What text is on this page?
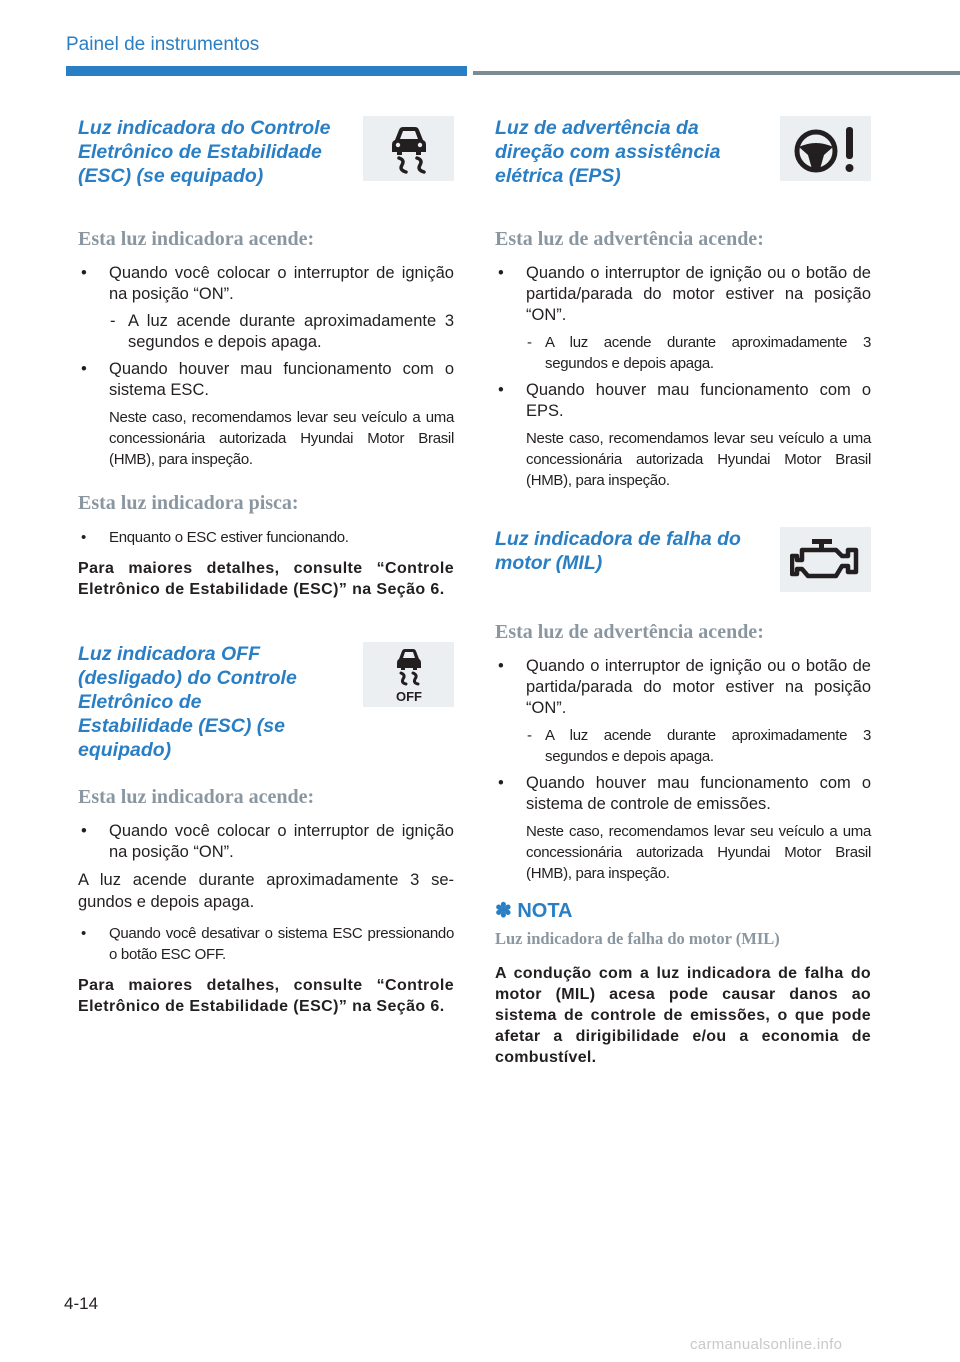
Painel de instrumentos
Luz indicadora do Controle Eletrônico de Estabilidade (ESC) (se equipado)
Esta luz indicadora acende:
• Quando você colocar o interruptor de ignição na posição “ON”.
- A luz acende durante aproximadamente 3 segundos e depois apaga.
• Quando houver mau funcionamento com o sistema ESC.
Neste caso, recomendamos levar seu veículo a uma concessionária autorizada Hyundai Motor Brasil (HMB), para inspeção.
Esta luz indicadora pisca:
• Enquanto o ESC estiver funcionando.
Para maiores detalhes, consulte “Controle Eletrônico de Estabilidade (ESC)” na Seção 6.
Luz indicadora OFF (desligado) do Controle Eletrônico de Estabilidade (ESC) (se equipado)
OFF
Esta luz indicadora acende:
• Quando você colocar o interruptor de ignição na posição “ON”.
A luz acende durante aproximadamente 3 segundos e depois apaga.
• Quando você desativar o sistema ESC pressionando o botão ESC OFF.
Para maiores detalhes, consulte “Controle Eletrônico de Estabilidade (ESC)” na Seção 6.
Luz de advertência da direção com assistência elétrica (EPS)
Esta luz de advertência acende:
• Quando o interruptor de ignição ou o botão de partida/parada do motor estiver na posição “ON”.
- A luz acende durante aproximadamente 3 segundos e depois apaga.
• Quando houver mau funcionamento com o EPS.
Neste caso, recomendamos levar seu veículo a uma concessionária autorizada Hyundai Motor Brasil (HMB), para inspeção.
Luz indicadora de falha do motor (MIL)
Esta luz de advertência acende:
• Quando o interruptor de ignição ou o botão de partida/parada do motor estiver na posição “ON”.
- A luz acende durante aproximadamente 3 segundos e depois apaga.
• Quando houver mau funcionamento com o sistema de controle de emissões.
Neste caso, recomendamos levar seu veículo a uma concessionária autorizada Hyundai Motor Brasil (HMB), para inspeção.
✽ NOTA
Luz indicadora de falha do motor (MIL)
A condução com a luz indicadora de falha do motor (MIL) acesa pode causar danos ao sistema de controle de emissões, o que pode afetar a dirigibilidade e/ou a economia de combustível.
4-14
carmanualsonline.info
